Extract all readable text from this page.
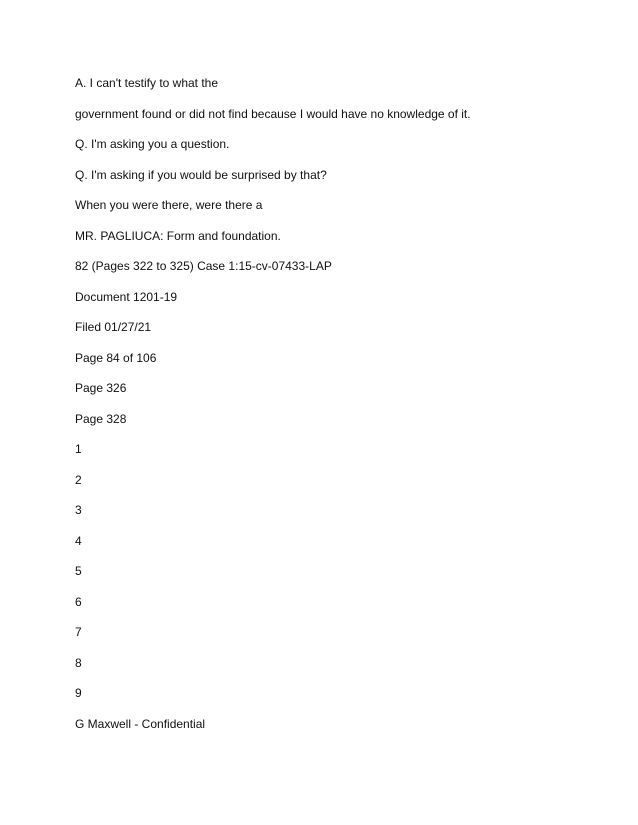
A. I can't testify to what the
government found or did not find because I would have no knowledge of it.
Q. I'm asking you a question.
Q. I'm asking if you would be surprised by that?
When you were there, were there a
MR. PAGLIUCA: Form and foundation.
82 (Pages 322 to 325) Case 1:15-cv-07433-LAP
Document 1201-19
Filed 01/27/21
Page 84 of 106
Page 326
Page 328
1
2
3
4
5
6
7
8
9
G Maxwell - Confidential
